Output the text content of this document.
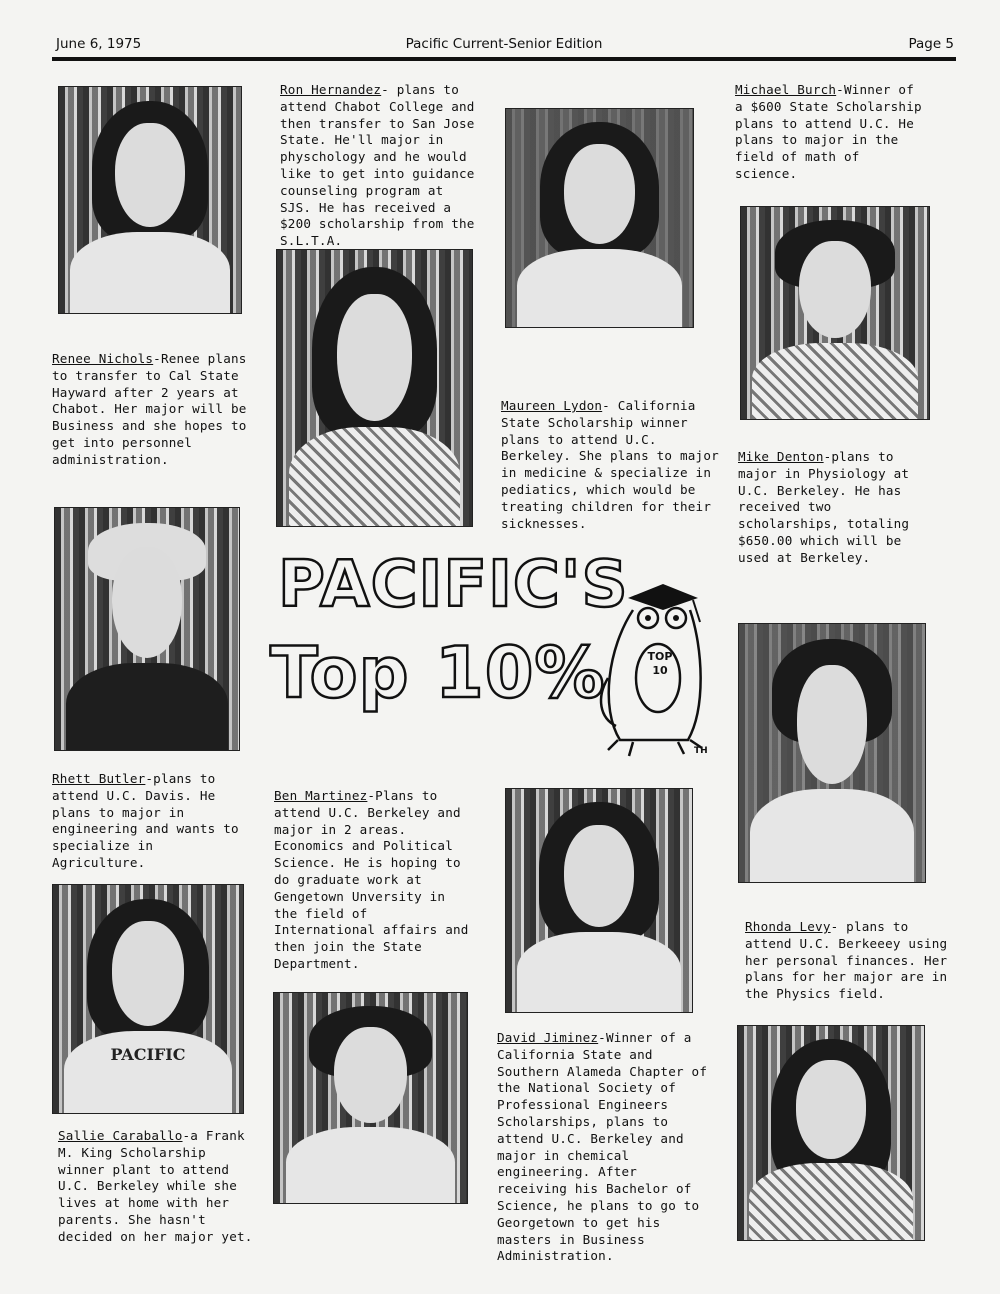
June 6, 1975	Pacific Current-Senior Edition	Page 5
PACIFIC
Renee Nichols-Renee plans to transfer to Cal State Hayward after 2 years at Chabot. Her major will be Business and she hopes to get into personnel administration.
Ron Hernandez- plans to attend Chabot College and then transfer to San Jose State. He'll major in physchology and he would like to get into guidance counseling program at SJS. He has received a $200 scholarship from the S.L.T.A.
Maureen Lydon- California State Scholarship winner plans to attend U.C. Berkeley. She plans to major in medicine & specialize in pediatics, which would be treating children for their sicknesses.
Michael Burch-Winner of a $600 State Scholarship plans to attend U.C. He plans to major in the field of math of science.
Mike Denton-plans to major in Physiology at U.C. Berkeley. He has received two scholarships, totaling $650.00 which will be used at Berkeley.
Rhett Butler-plans to attend U.C. Davis. He plans to major in engineering and wants to specialize in Agriculture.
Ben Martinez-Plans to attend U.C. Berkeley and major in 2 areas. Economics and Political Science. He is hoping to do graduate work at Gengetown Unversity in the field of International affairs and then join the State Department.
David Jiminez-Winner of a California State and Southern Alameda Chapter of the National Society of Professional Engineers Scholarships, plans to attend U.C. Berkeley and major in chemical engineering. After receiving his Bachelor of Science, he plans to go to Georgetown to get his masters in Business Administration.
Rhonda Levy- plans to attend U.C. Berkeeey using her personal finances. Her plans for her major are in the Physics field.
Sallie Caraballo-a Frank M. King Scholarship winner plant to attend U.C. Berkeley while she lives at home with her parents. She hasn't decided on her major yet.
PACIFIC'S
Top 10%	TOP 10
TH
